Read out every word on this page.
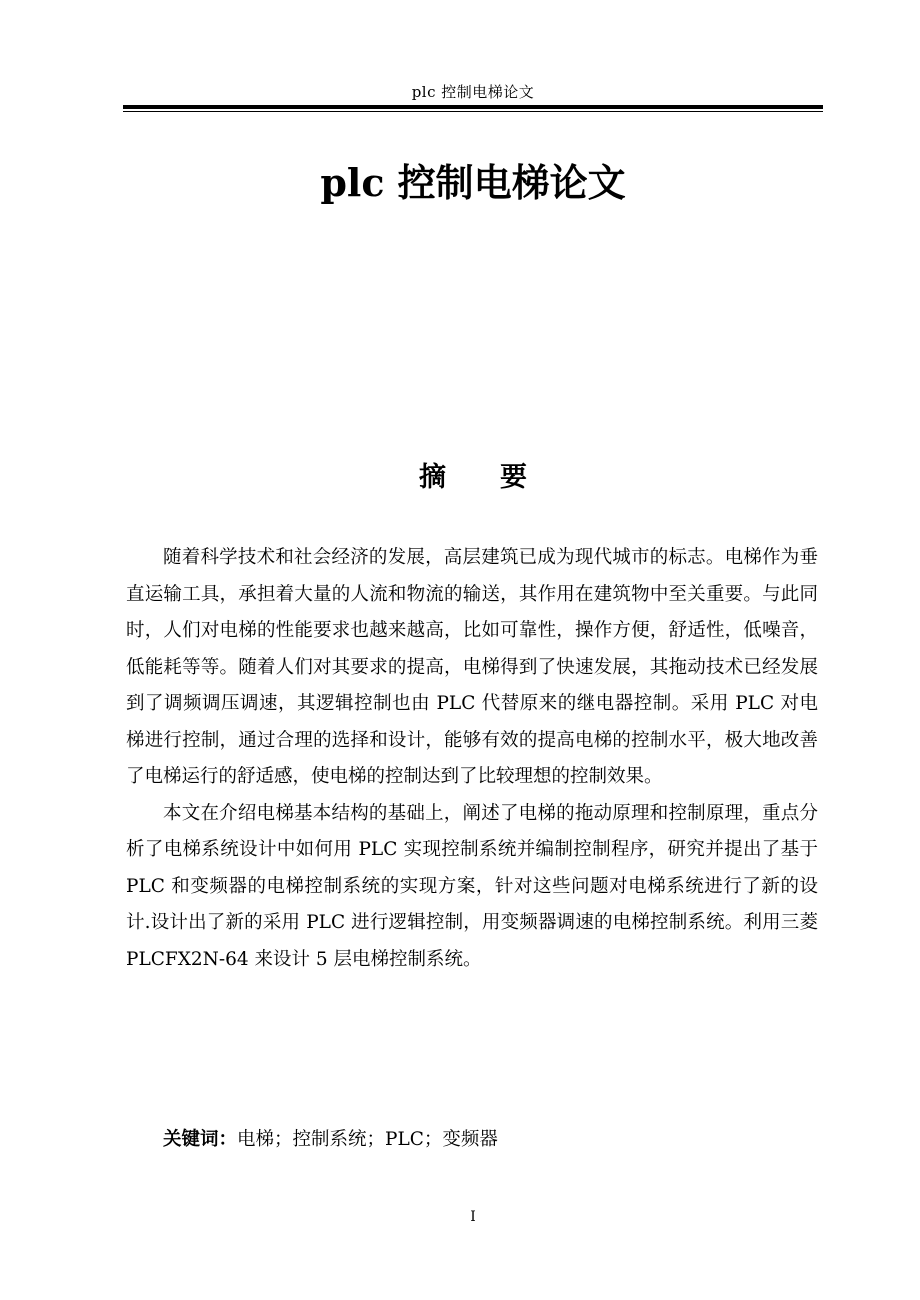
plc 控制电梯论文
plc 控制电梯论文
摘 要

随着科学技术和社会经济的发展，高层建筑已成为现代城市的标志。电梯作为垂直运输工具，承担着大量的人流和物流的输送，其作用在建筑物中至关重要。与此同时，人们对电梯的性能要求也越来越高，比如可靠性，操作方便，舒适性，低噪音，低能耗等等。随着人们对其要求的提高，电梯得到了快速发展，其拖动技术已经发展到了调频调压调速，其逻辑控制也由 PLC 代替原来的继电器控制。采用 PLC 对电梯进行控制，通过合理的选择和设计，能够有效的提高电梯的控制水平，极大地改善了电梯运行的舒适感，使电梯的控制达到了比较理想的控制效果。

本文在介绍电梯基本结构的基础上，阐述了电梯的拖动原理和控制原理，重点分析了电梯系统设计中如何用 PLC 实现控制系统并编制控制程序，研究并提出了基于 PLC 和变频器的电梯控制系统的实现方案，针对这些问题对电梯系统进行了新的设计.设计出了新的采用 PLC 进行逻辑控制，用变频器调速的电梯控制系统。利用三菱 PLCFX2N-64 来设计 5 层电梯控制系统。

关键词：电梯；控制系统；PLC；变频器
I
